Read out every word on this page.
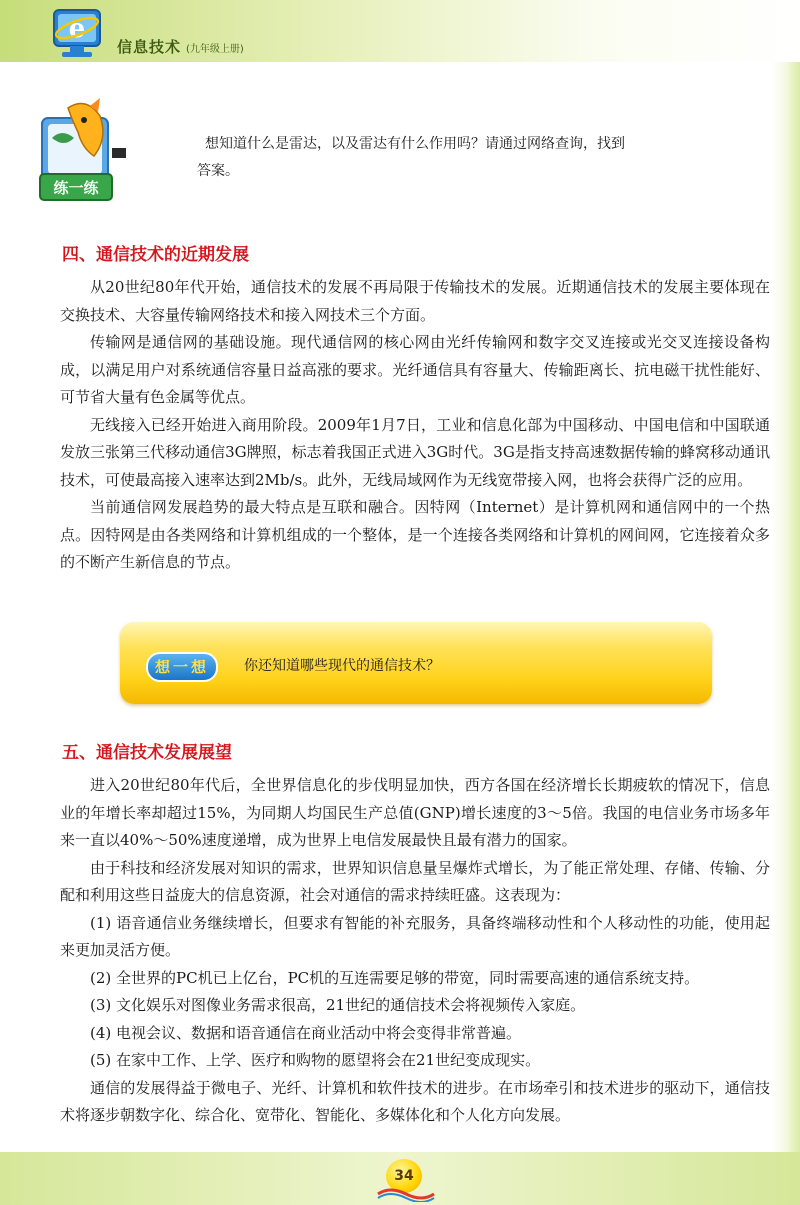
e
信息技术 (九年级上册)
练一练
想知道什么是雷达，以及雷达有什么作用吗？请通过网络查询，找到
答案。
四、通信技术的近期发展

从20世纪80年代开始，通信技术的发展不再局限于传输技术的发展。近期通信技术的发展主要体现在交换技术、大容量传输网络技术和接入网技术三个方面。

传输网是通信网的基础设施。现代通信网的核心网由光纤传输网和数字交叉连接或光交叉连接设备构成，以满足用户对系统通信容量日益高涨的要求。光纤通信具有容量大、传输距离长、抗电磁干扰性能好、可节省大量有色金属等优点。

无线接入已经开始进入商用阶段。2009年1月7日，工业和信息化部为中国移动、中国电信和中国联通发放三张第三代移动通信3G牌照，标志着我国正式进入3G时代。3G是指支持高速数据传输的蜂窝移动通讯技术，可使最高接入速率达到2Mb/s。此外，无线局域网作为无线宽带接入网，也将会获得广泛的应用。

当前通信网发展趋势的最大特点是互联和融合。因特网（Internet）是计算机网和通信网中的一个热点。因特网是由各类网络和计算机组成的一个整体，是一个连接各类网络和计算机的网间网，它连接着众多的不断产生新信息的节点。

想一想	你还知道哪些现代的通信技术？
五、通信技术发展展望

进入20世纪80年代后，全世界信息化的步伐明显加快，西方各国在经济增长长期疲软的情况下，信息业的年增长率却超过15%，为同期人均国民生产总值(GNP)增长速度的3～5倍。我国的电信业务市场多年来一直以40%～50%速度递增，成为世界上电信发展最快且最有潜力的国家。

由于科技和经济发展对知识的需求，世界知识信息量呈爆炸式增长，为了能正常处理、存储、传输、分配和利用这些日益庞大的信息资源，社会对通信的需求持续旺盛。这表现为：

(1) 语音通信业务继续增长，但要求有智能的补充服务，具备终端移动性和个人移动性的功能，使用起来更加灵活方便。

(2) 全世界的PC机已上亿台，PC机的互连需要足够的带宽，同时需要高速的通信系统支持。

(3) 文化娱乐对图像业务需求很高，21世纪的通信技术会将视频传入家庭。

(4) 电视会议、数据和语音通信在商业活动中将会变得非常普遍。

(5) 在家中工作、上学、医疗和购物的愿望将会在21世纪变成现实。

通信的发展得益于微电子、光纤、计算机和软件技术的进步。在市场牵引和技术进步的驱动下，通信技术将逐步朝数字化、综合化、宽带化、智能化、多媒体化和个人化方向发展。

34
